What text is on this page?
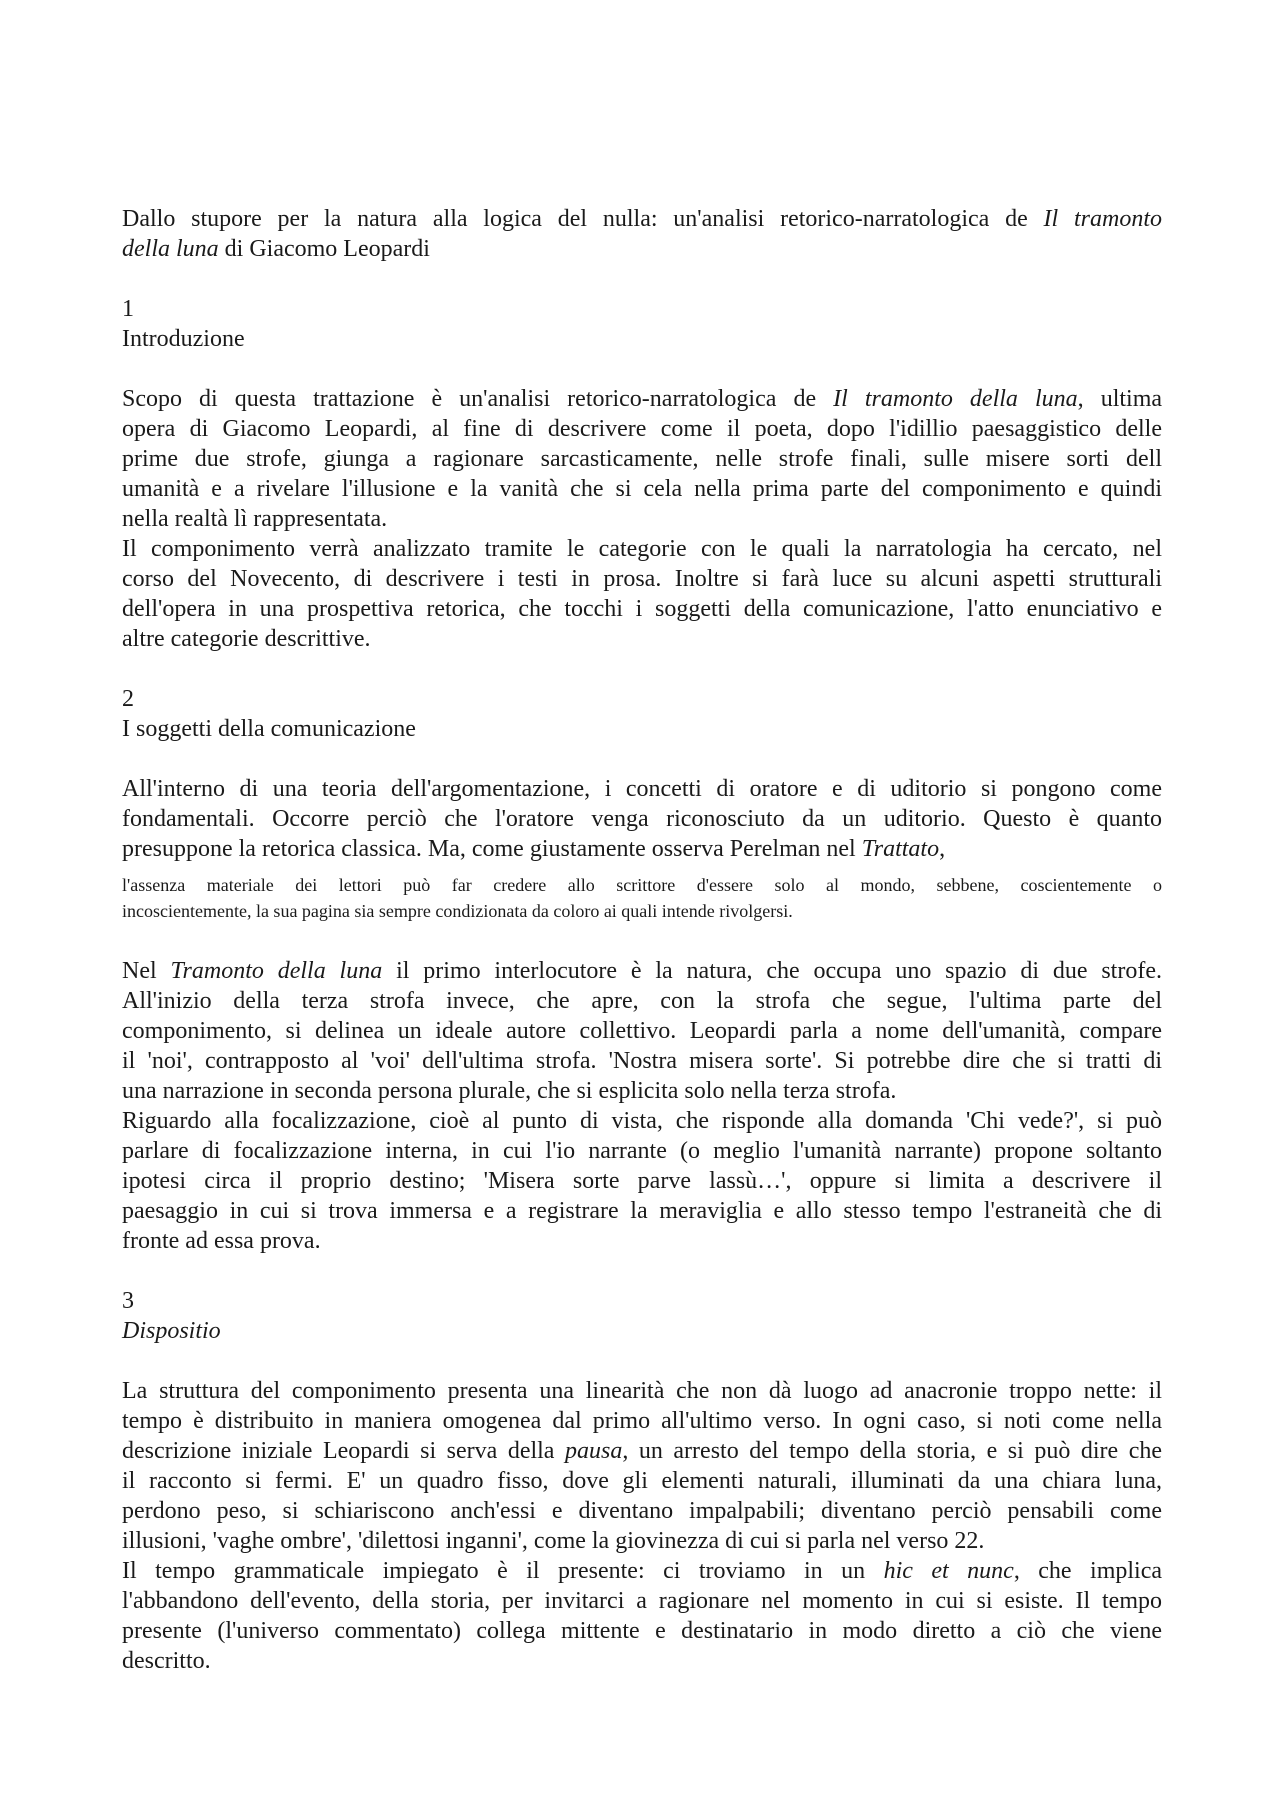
Dallo stupore per la natura alla logica del nulla: un'analisi retorico-narratologica de Il tramonto
della luna di Giacomo Leopardi
1
Introduzione
Scopo di questa trattazione è un'analisi retorico-narratologica de Il tramonto della luna, ultima
opera di Giacomo Leopardi, al fine di descrivere come il poeta, dopo l'idillio paesaggistico delle
prime due strofe, giunga a ragionare sarcasticamente, nelle strofe finali, sulle misere sorti dell
umanità e a rivelare l'illusione e la vanità che si cela nella prima parte del componimento e quindi
nella realtà lì rappresentata.
Il componimento verrà analizzato tramite le categorie con le quali la narratologia ha cercato, nel
corso del Novecento, di descrivere i testi in prosa. Inoltre si farà luce su alcuni aspetti strutturali
dell'opera in una prospettiva retorica, che tocchi i soggetti della comunicazione, l'atto enunciativo e
altre categorie descrittive.
2
I soggetti della comunicazione
All'interno di una teoria dell'argomentazione, i concetti di oratore e di uditorio si pongono come
fondamentali. Occorre perciò che l'oratore venga riconosciuto da un uditorio. Questo è quanto
presuppone la retorica classica. Ma, come giustamente osserva Perelman nel Trattato,
l'assenza materiale dei lettori può far credere allo scrittore d'essere solo al mondo, sebbene, coscientemente o
incoscientemente, la sua pagina sia sempre condizionata da coloro ai quali intende rivolgersi.
Nel Tramonto della luna il primo interlocutore è la natura, che occupa uno spazio di due strofe.
All'inizio della terza strofa invece, che apre, con la strofa che segue, l'ultima parte del
componimento, si delinea un ideale autore collettivo. Leopardi parla a nome dell'umanità, compare
il 'noi', contrapposto al 'voi' dell'ultima strofa. 'Nostra misera sorte'. Si potrebbe dire che si tratti di
una narrazione in seconda persona plurale, che si esplicita solo nella terza strofa.
Riguardo alla focalizzazione, cioè al punto di vista, che risponde alla domanda 'Chi vede?', si può
parlare di focalizzazione interna, in cui l'io narrante (o meglio l'umanità narrante) propone soltanto
ipotesi circa il proprio destino; 'Misera sorte parve lassù…', oppure si limita a descrivere il
paesaggio in cui si trova immersa e a registrare la meraviglia e allo stesso tempo l'estraneità che di
fronte ad essa prova.
3
Dispositio
La struttura del componimento presenta una linearità che non dà luogo ad anacronie troppo nette: il
tempo è distribuito in maniera omogenea dal primo all'ultimo verso. In ogni caso, si noti come nella
descrizione iniziale Leopardi si serva della pausa, un arresto del tempo della storia, e si può dire che
il racconto si fermi. E' un quadro fisso, dove gli elementi naturali, illuminati da una chiara luna,
perdono peso, si schiariscono anch'essi e diventano impalpabili; diventano perciò pensabili come
illusioni, 'vaghe ombre', 'dilettosi inganni', come la giovinezza di cui si parla nel verso 22.
Il tempo grammaticale impiegato è il presente: ci troviamo in un hic et nunc, che implica
l'abbandono dell'evento, della storia, per invitarci a ragionare nel momento in cui si esiste. Il tempo
presente (l'universo commentato) collega mittente e destinatario in modo diretto a ciò che viene
descritto.
